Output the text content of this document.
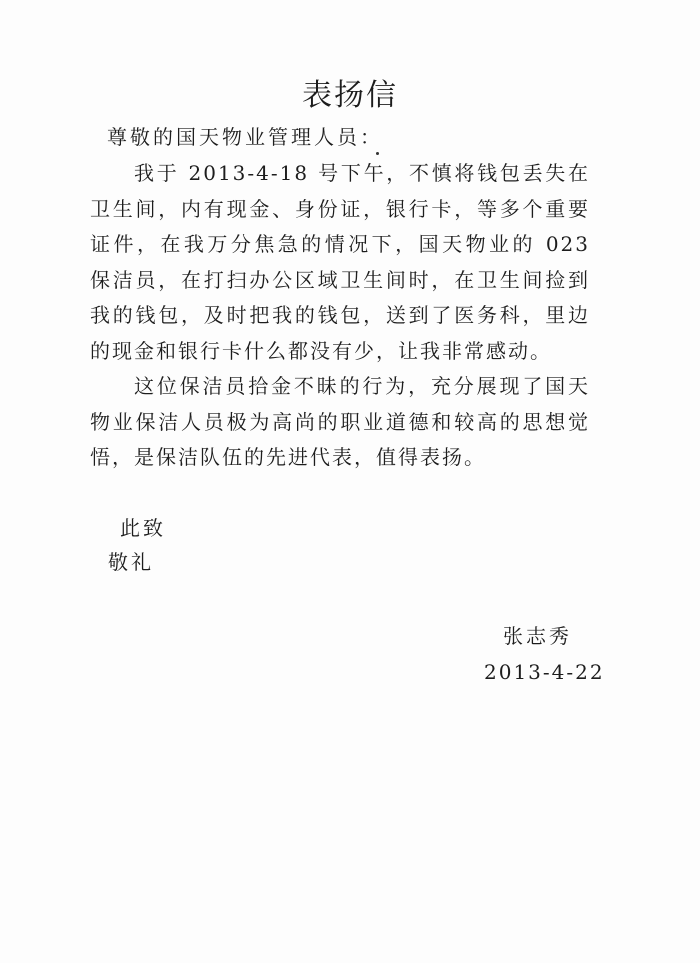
表扬信
尊敬的国天物业管理人员：

我于 2013-4-18 号下午，不慎将钱包丢失在卫生间，内有现金、身份证，银行卡，等多个重要证件，在我万分焦急的情况下，国天物业的 023 保洁员，在打扫办公区域卫生间时，在卫生间捡到我的钱包，及时把我的钱包，送到了医务科，里边的现金和银行卡什么都没有少，让我非常感动。

这位保洁员拾金不昧的行为，充分展现了国天物业保洁人员极为高尚的职业道德和较高的思想觉悟，是保洁队伍的先进代表，值得表扬。

此致
敬礼
张志秀
2013-4-22
